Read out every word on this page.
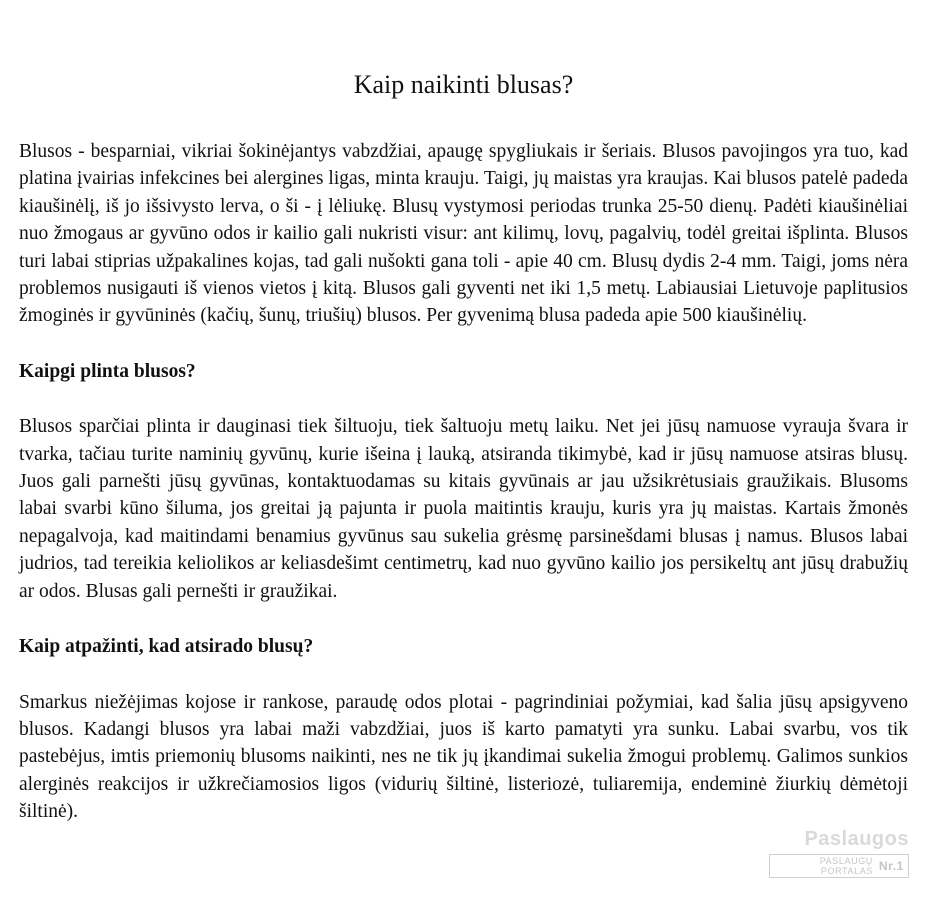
Kaip naikinti blusas?

Blusos - besparniai, vikriai šokinėjantys vabzdžiai, apaugę spygliukais ir šeriais. Blusos pavojingos yra tuo, kad platina įvairias infekcines bei alergines ligas, minta krauju. Taigi, jų maistas yra kraujas. Kai blusos patelė padeda kiaušinėlį, iš jo išsivysto lerva, o ši - į lėliukę. Blusų vystymosi periodas trunka 25-50 dienų. Padėti kiaušinėliai nuo žmogaus ar gyvūno odos ir kailio gali nukristi visur: ant kilimų, lovų, pagalvių, todėl greitai išplinta. Blusos turi labai stiprias užpakalines kojas, tad gali nušokti gana toli - apie 40 cm. Blusų dydis 2-4 mm. Taigi, joms nėra problemos nusigauti iš vienos vietos į kitą. Blusos gali gyventi net iki 1,5 metų. Labiausiai Lietuvoje paplitusios žmoginės ir gyvūninės (kačių, šunų, triušių) blusos. Per gyvenimą blusa padeda apie 500 kiaušinėlių.

Kaipgi plinta blusos?

Blusos sparčiai plinta ir dauginasi tiek šiltuoju, tiek šaltuoju metų laiku. Net jei jūsų namuose vyrauja švara ir tvarka, tačiau turite naminių gyvūnų, kurie išeina į lauką, atsiranda tikimybė, kad ir jūsų namuose atsiras blusų. Juos gali parnešti jūsų gyvūnas, kontaktuodamas su kitais gyvūnais ar jau užsikrėtusiais graužikais. Blusoms labai svarbi kūno šiluma, jos greitai ją pajunta ir puola maitintis krauju, kuris yra jų maistas. Kartais žmonės nepagalvoja, kad maitindami benamius gyvūnus sau sukelia grėsmę parsinešdami blusas į namus. Blusos labai judrios, tad tereikia keliolikos ar keliasdešimt centimetrų, kad nuo gyvūno kailio jos persikeltų ant jūsų drabužių ar odos. Blusas gali pernešti ir graužikai.

Kaip atpažinti, kad atsirado blusų?

Smarkus niežėjimas kojose ir rankose, paraudę odos plotai - pagrindiniai požymiai, kad šalia jūsų apsigyveno blusos. Kadangi blusos yra labai maži vabzdžiai, juos iš karto pamatyti yra sunku. Labai svarbu, vos tik pastebėjus, imtis priemonių blusoms naikinti, nes ne tik jų įkandimai sukelia žmogui problemų. Galimos sunkios alerginės reakcijos ir užkrečiamosios ligos (vidurių šiltinė, listeriozė, tuliaremija, endeminė žiurkių dėmėtoji šiltinė).

Paslaugos
PASLAUGŲ PORTALAS Nr.1
